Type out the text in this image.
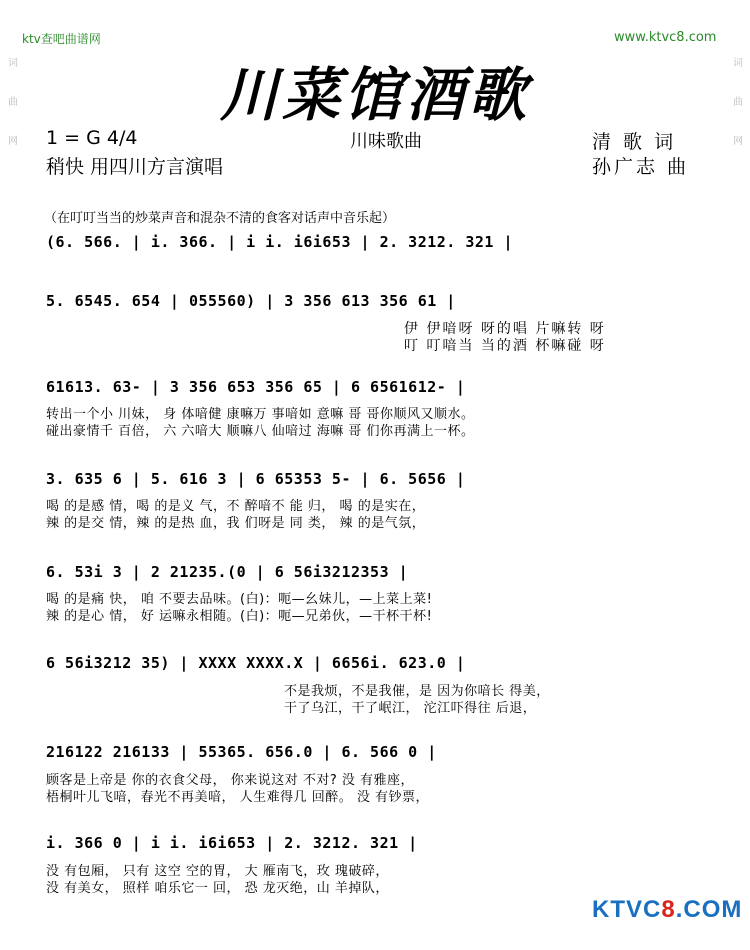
ktv查吧曲谱网	www.ktvc8.com
词
曲
网
词
曲
网
川菜馆酒歌
1 = G 4/4	川味歌曲	清 歌 词
稍快 用四川方言演唱	孙广志 曲
（在叮叮当当的炒菜声音和混杂不清的食客对话声中音乐起）
(6. 566. | i. 366. | i i. i6i653 | 2. 3212. 321 |
5. 6545. 654 | 055560) | 3 356 613 356 61 |
伊 伊喑呀 呀的唱 片嘛转 呀
叮 叮喑当 当的酒 杯嘛碰 呀
61613. 63- | 3 356 653 356 65 | 6 6561612- |
转出一个小 川妹， 身 体喑健 康嘛万 事喑如 意嘛 哥 哥你顺风又顺水。
碰出豪情千 百倍， 六 六喑大 顺嘛八 仙喑过 海嘛 哥 们你再满上一杯。
3. 635 6 | 5. 616 3 | 6 65353 5- | 6. 5656 |
喝 的是感 情，喝 的是义 气，不 醉喑不 能 归， 喝 的是实在，
辣 的是交 情，辣 的是热 血，我 们呀是 同 类， 辣 的是气氛，
6. 53i 3 | 2 21235.(0 | 6 56i3212353 |
喝 的是痛 快， 咱 不要去品味。(白)：呃—幺妹儿，—上菜上菜!
辣 的是心 情， 好 运嘛永相随。(白)：呃—兄弟伙，—干杯干杯!
6 56i3212 35) | XXXX XXXX.X | 6656i. 623.0 |
不是我烦，不是我催，是 因为你喑长 得美，
干了乌江，干了岷江， 沱江吓得往 后退，
216122 216133 | 55365. 656.0 | 6. 566 0 |
顾客是上帝是 你的衣食父母， 你来说这对 不对? 没 有雅座，
梧桐叶儿飞喑，春光不再美喑， 人生难得几 回醉。 没 有钞票，
i. 366 0 | i i. i6i653 | 2. 3212. 321 |
没 有包厢， 只有 这空 空的胃， 大 雁南飞，玫 瑰破碎，
没 有美女， 照样 咱乐它一 回， 恐 龙灭绝，山 羊掉队，
KTVC8.COM
